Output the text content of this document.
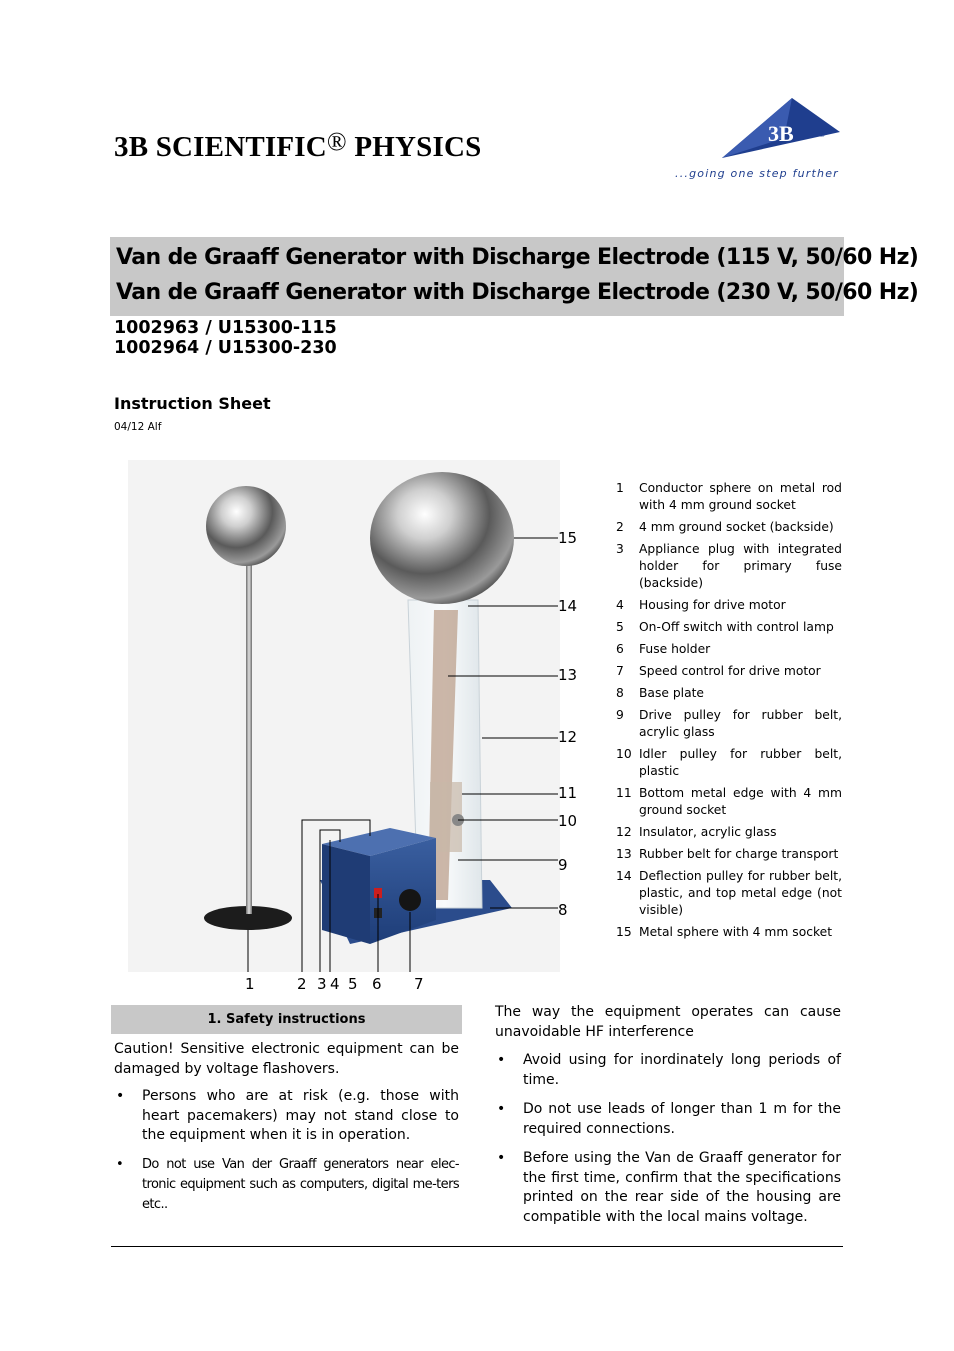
3B SCIENTIFIC® PHYSICS	3B	®
...going one step further
Van de Graaff Generator with Discharge Electrode (115 V, 50/60 Hz)
Van de Graaff Generator with Discharge Electrode (230 V, 50/60 Hz)
1002963 / U15300-115
1002964 / U15300-230
Instruction Sheet
04/12 Alf
15
14
13
12
11
10
9
8
1	2 3 4 5 6 7
1 Conductor sphere on metal rod with 4 mm ground socket
2 4 mm ground socket (backside)
3 Appliance plug with integrated holder for primary fuse (backside)
4 Housing for drive motor
5 On-Off switch with control lamp
6 Fuse holder
7 Speed control for drive motor
8 Base plate
9 Drive pulley for rubber belt, acrylic glass
10 Idler pulley for rubber belt, plastic
11 Bottom metal edge with 4 mm ground socket
12 Insulator, acrylic glass
13 Rubber belt for charge transport
14 Deflection pulley for rubber belt, plastic, and top metal edge (not visible)
15 Metal sphere with 4 mm socket
1. Safety instructions
Caution! Sensitive electronic equipment can be damaged by voltage flashovers.
• Persons who are at risk (e.g. those with heart pacemakers) may not stand close to the equipment when it is in operation.
• Do not use Van der Graaff generators near elec-tronic equipment such as computers, digital me-ters etc..
The way the equipment operates can cause unavoidable HF interference
• Avoid using for inordinately long periods of time.
• Do not use leads of longer than 1 m for the required connections.
• Before using the Van de Graaff generator for the first time, confirm that the specifications printed on the rear side of the housing are compatible with the local mains voltage.
